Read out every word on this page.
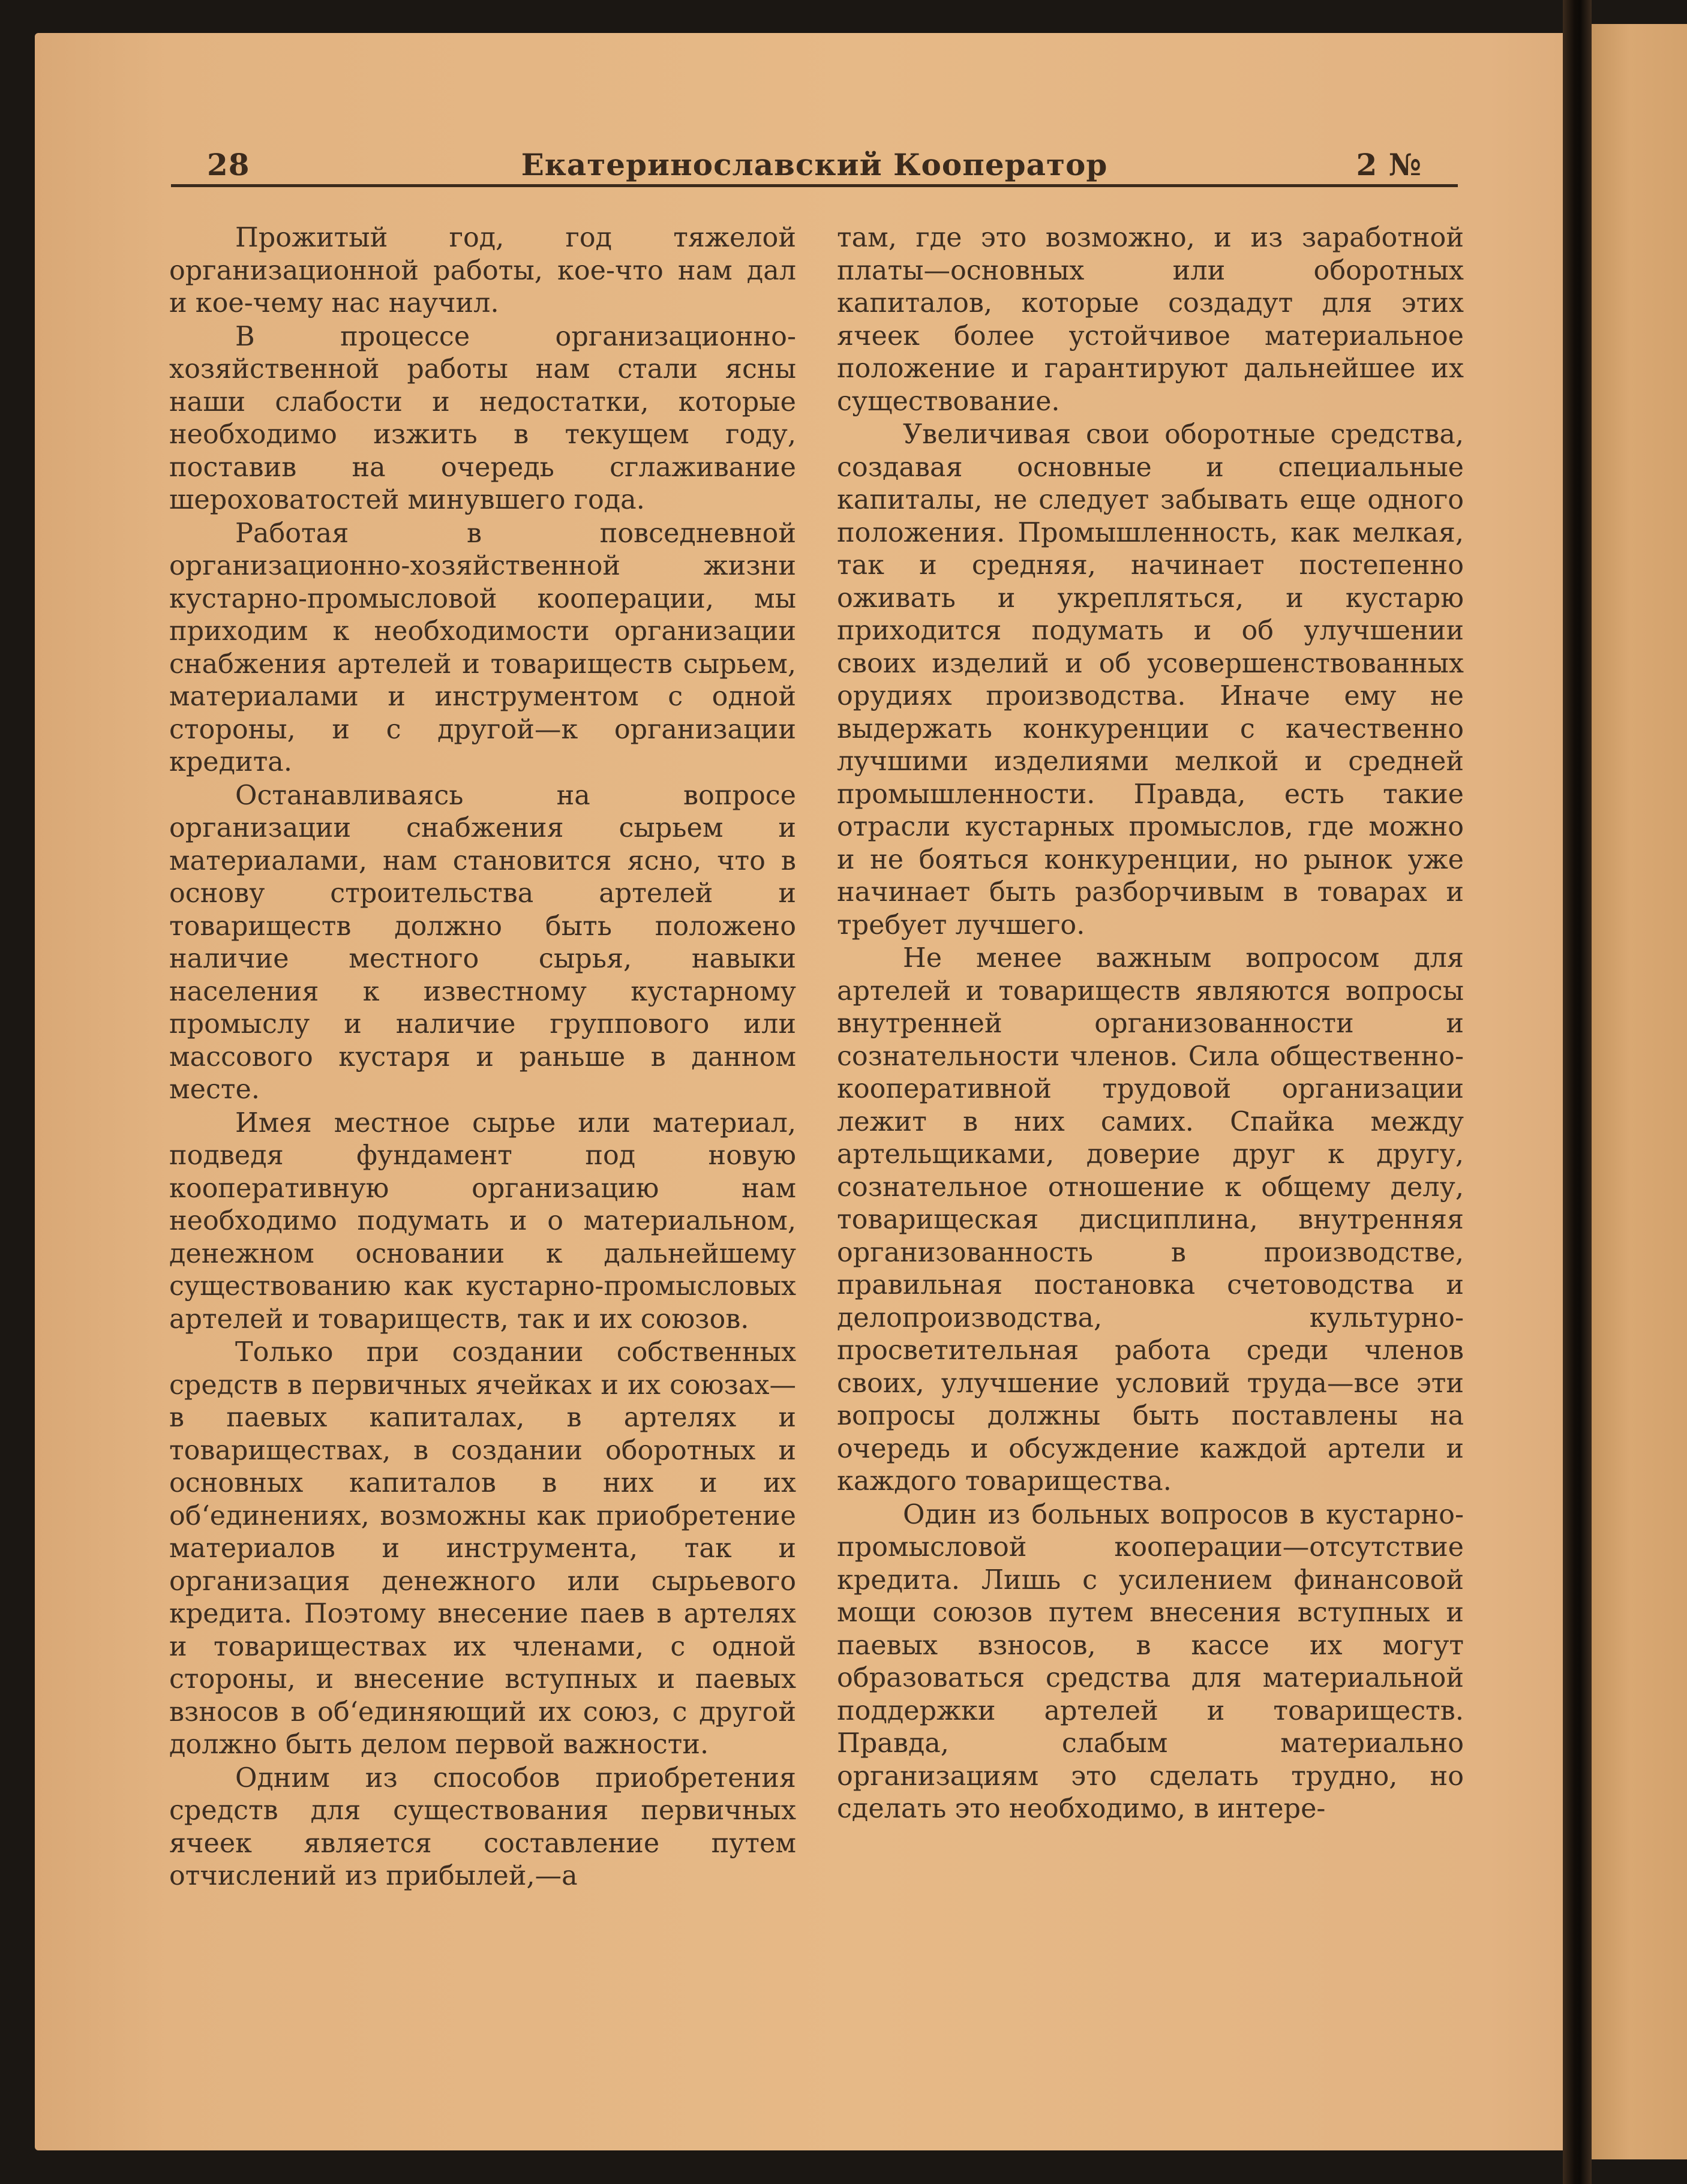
Екатеринославский Кооператор
28	2 №

Прожитый год, год тяжелой организационной работы, кое-что нам дал и кое-чему нас научил.

В процессе организационно-хозяйственной работы нам стали ясны наши слабости и недостатки, которые необходимо изжить в текущем году, поставив на очередь сглаживание шероховатостей минувшего года.

Работая в повседневной организационно-хозяйственной жизни кустарно-промысловой кооперации, мы приходим к необходимости организации снабжения артелей и товариществ сырьем, материалами и инструментом с одной стороны, и с другой—к организации кредита.

Останавливаясь на вопросе организации снабжения сырьем и материалами, нам становится ясно, что в основу строительства артелей и товариществ должно быть положено наличие местного сырья, навыки населения к известному кустарному промыслу и наличие группового или массового кустаря и раньше в данном месте.

Имея местное сырье или материал, подведя фундамент под новую кооперативную организацию нам необходимо подумать и о материальном, денежном основании к дальнейшему существованию как кустарно-промысловых артелей и товариществ, так и их союзов.

Только при создании собственных средств в первичных ячейках и их союзах—в паевых капиталах, в артелях и товариществах, в создании оборотных и основных капиталов в них и их об‘единениях, возможны как приобретение материалов и инструмента, так и организация денежного или сырьевого кредита. Поэтому внесение паев в артелях и товариществах их членами, с одной стороны, и внесение вступных и паевых взносов в об‘единяющий их союз, с другой должно быть делом первой важности.

Одним из способов приобретения средств для существования первичных ячеек является составление путем отчислений из прибылей,—а

там, где это возможно, и из заработной платы—основных или оборотных капиталов, которые создадут для этих ячеек более устойчивое материальное положение и гарантируют дальнейшее их существование.

Увеличивая свои оборотные средства, создавая основные и специальные капиталы, не следует забывать еще одного положения. Промышленность, как мелкая, так и средняя, начинает постепенно оживать и укрепляться, и кустарю приходится подумать и об улучшении своих изделий и об усовершенствованных орудиях производства. Иначе ему не выдержать конкуренции с качественно лучшими изделиями мелкой и средней промышленности. Правда, есть такие отрасли кустарных промыслов, где можно и не бояться конкуренции, но рынок уже начинает быть разборчивым в товарах и требует лучшего.

Не менее важным вопросом для артелей и товариществ являются вопросы внутренней организованности и сознательности членов. Сила общественно-кооперативной трудовой организации лежит в них самих. Спайка между артельщиками, доверие друг к другу, сознательное отношение к общему делу, товарищеская дисциплина, внутренняя организованность в производстве, правильная постановка счетоводства и делопроизводства, культурно-просветительная работа среди членов своих, улучшение условий труда—все эти вопросы должны быть поставлены на очередь и обсуждение каждой артели и каждого товарищества.

Один из больных вопросов в кустарно-промысловой кооперации—отсутствие кредита. Лишь с усилением финансовой мощи союзов путем внесения вступных и паевых взносов, в кассе их могут образоваться средства для материальной поддержки артелей и товариществ. Правда, слабым материально организациям это сделать трудно, но сделать это необходимо, в интере-
